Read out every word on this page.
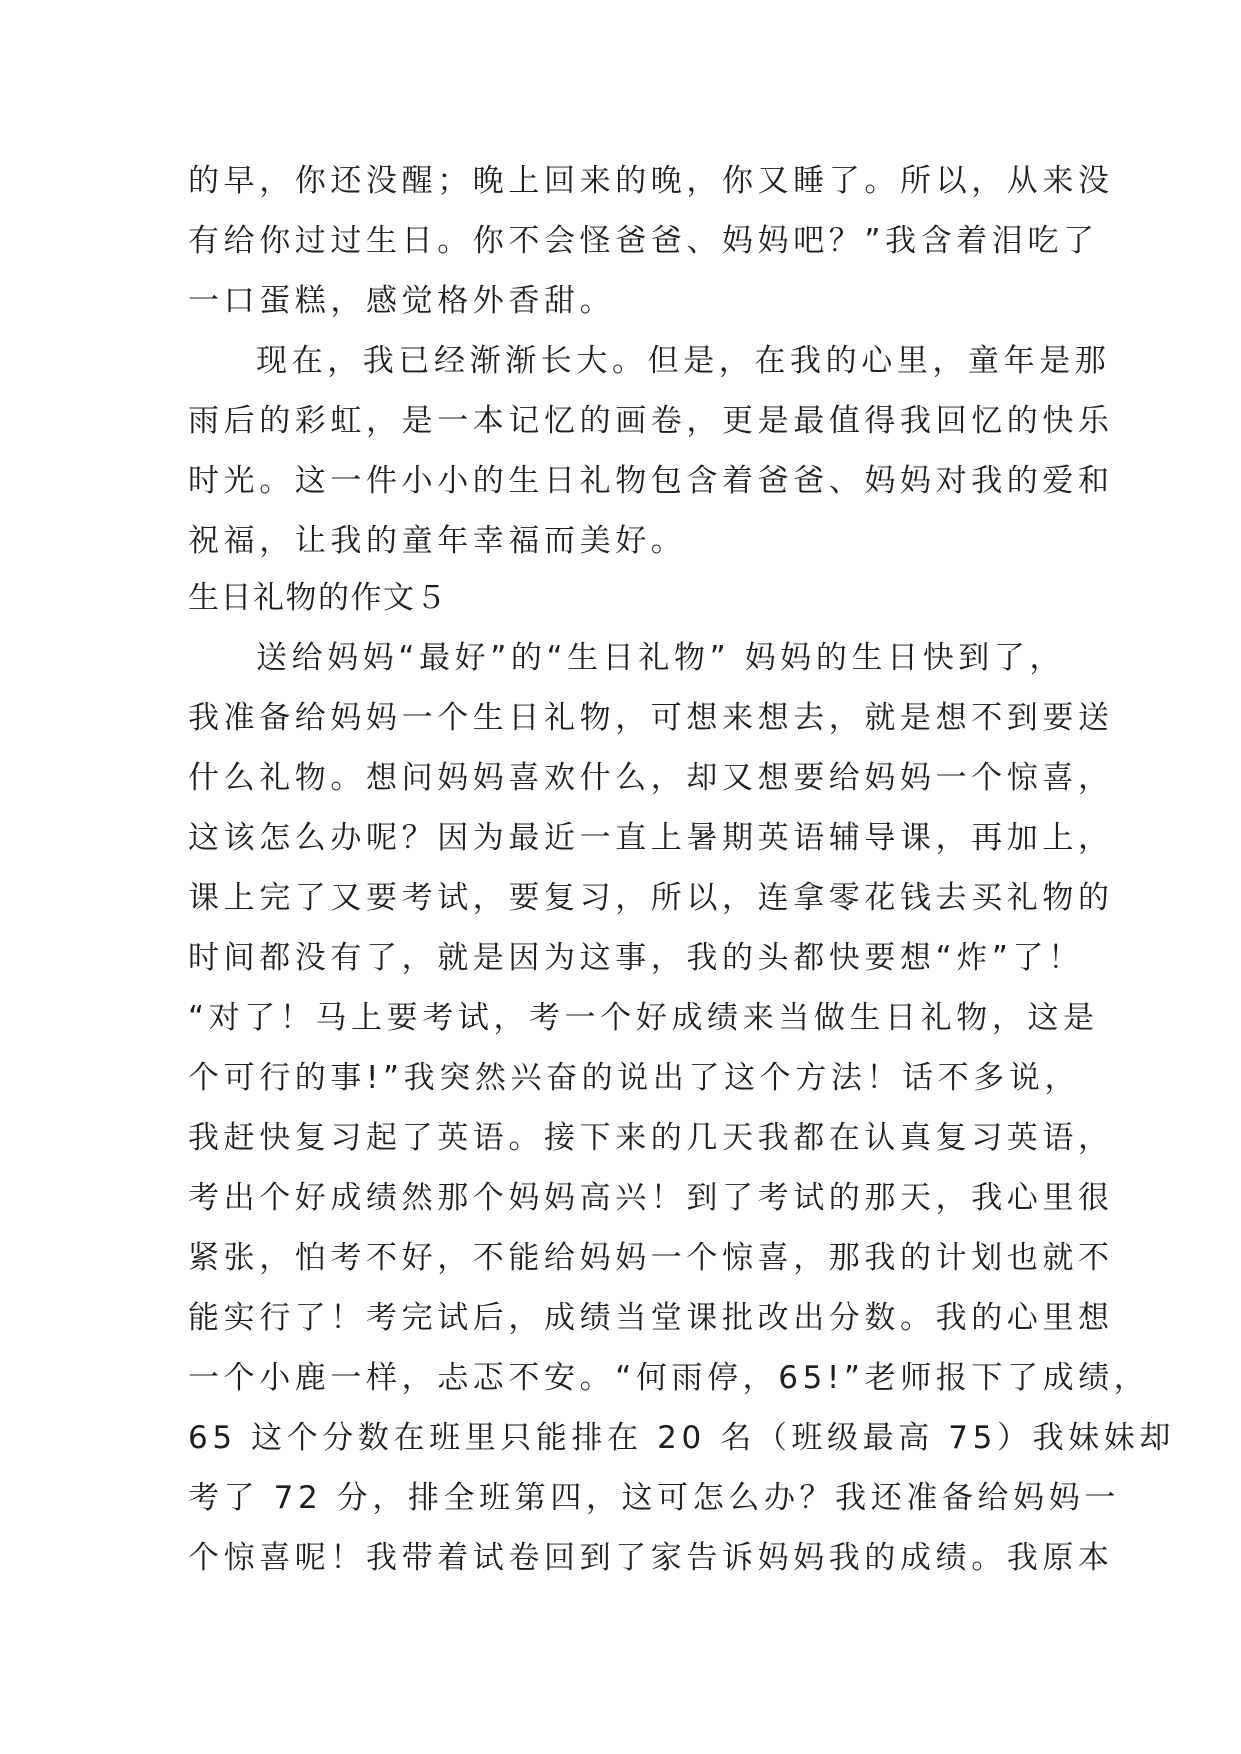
的早，你还没醒；晚上回来的晚，你又睡了。所以，从来没
有给你过过生日。你不会怪爸爸、妈妈吧？”我含着泪吃了
一口蛋糕，感觉格外香甜。
现在，我已经渐渐长大。但是，在我的心里，童年是那
雨后的彩虹，是一本记忆的画卷，更是最值得我回忆的快乐
时光。这一件小小的生日礼物包含着爸爸、妈妈对我的爱和
祝福，让我的童年幸福而美好。
生日礼物的作文５
送给妈妈“最好”的“生日礼物” 妈妈的生日快到了，
我准备给妈妈一个生日礼物，可想来想去，就是想不到要送
什么礼物。想问妈妈喜欢什么，却又想要给妈妈一个惊喜，
这该怎么办呢？因为最近一直上暑期英语辅导课，再加上，
课上完了又要考试，要复习，所以，连拿零花钱去买礼物的
时间都没有了，就是因为这事，我的头都快要想“炸”了！
“对了！马上要考试，考一个好成绩来当做生日礼物，这是
个可行的事!”我突然兴奋的说出了这个方法！话不多说，
我赶快复习起了英语。接下来的几天我都在认真复习英语，
考出个好成绩然那个妈妈高兴！到了考试的那天，我心里很
紧张，怕考不好，不能给妈妈一个惊喜，那我的计划也就不
能实行了！考完试后，成绩当堂课批改出分数。我的心里想
一个小鹿一样，忐忑不安。“何雨停，65!”老师报下了成绩，
65 这个分数在班里只能排在 20 名（班级最高 75）我妹妹却
考了 72 分，排全班第四，这可怎么办？我还准备给妈妈一
个惊喜呢！我带着试卷回到了家告诉妈妈我的成绩。我原本
